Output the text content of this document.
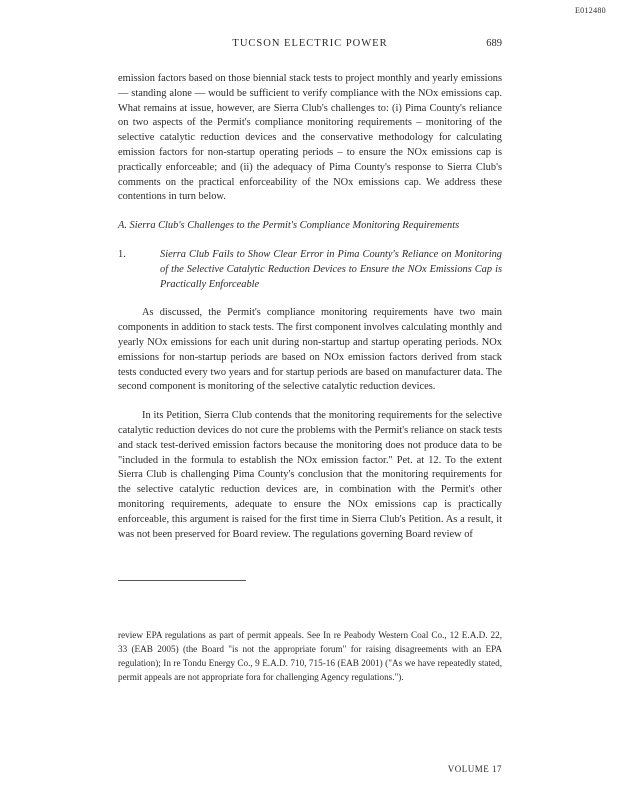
E012480
TUCSON ELECTRIC POWER	689

emission factors based on those biennial stack tests to project monthly and yearly emissions — standing alone — would be sufficient to verify compliance with the NOx emissions cap. What remains at issue, however, are Sierra Club's challenges to: (i) Pima County's reliance on two aspects of the Permit's compliance monitoring requirements – monitoring of the selective catalytic reduction devices and the conservative methodology for calculating emission factors for non-startup operating periods – to ensure the NOx emissions cap is practically enforceable; and (ii) the adequacy of Pima County's response to Sierra Club's comments on the practical enforceability of the NOx emissions cap. We address these contentions in turn below.

A. Sierra Club's Challenges to the Permit's Compliance Monitoring Requirements

1.	Sierra Club Fails to Show Clear Error in Pima County's Reliance on Monitoring of the Selective Catalytic Reduction Devices to Ensure the NOx Emissions Cap is Practically Enforceable

As discussed, the Permit's compliance monitoring requirements have two main components in addition to stack tests. The first component involves calculating monthly and yearly NOx emissions for each unit during non-startup and startup operating periods. NOx emissions for non-startup periods are based on NOx emission factors derived from stack tests conducted every two years and for startup periods are based on manufacturer data. The second component is monitoring of the selective catalytic reduction devices.

In its Petition, Sierra Club contends that the monitoring requirements for the selective catalytic reduction devices do not cure the problems with the Permit's reliance on stack tests and stack test-derived emission factors because the monitoring does not produce data to be "included in the formula to establish the NOx emission factor." Pet. at 12. To the extent Sierra Club is challenging Pima County's conclusion that the monitoring requirements for the selective catalytic reduction devices are, in combination with the Permit's other monitoring requirements, adequate to ensure the NOx emissions cap is practically enforceable, this argument is raised for the first time in Sierra Club's Petition. As a result, it was not been preserved for Board review. The regulations governing Board review of

review EPA regulations as part of permit appeals. See In re Peabody Western Coal Co., 12 E.A.D. 22, 33 (EAB 2005) (the Board "is not the appropriate forum" for raising disagreements with an EPA regulation); In re Tondu Energy Co., 9 E.A.D. 710, 715-16 (EAB 2001) ("As we have repeatedly stated, permit appeals are not appropriate fora for challenging Agency regulations.").

VOLUME 17
